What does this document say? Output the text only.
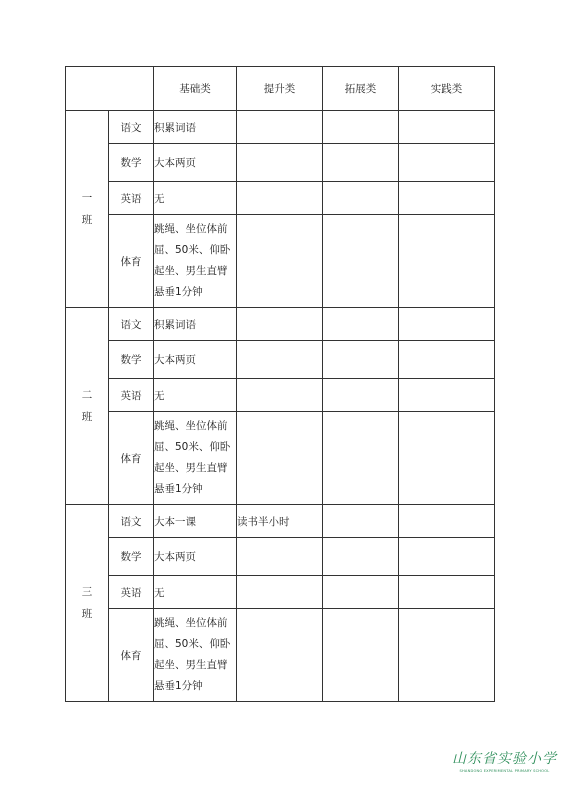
		基础类	提升类	拓展类	实践类

一
班	语文	积累词语			
	数学	大本两页			
	英语	无			
	体育	跳绳、坐位体前屈、50米、仰卧起坐、男生直臂悬垂1分钟			

二
班	语文	积累词语			
	数学	大本两页			
	英语	无			
	体育	跳绳、坐位体前屈、50米、仰卧起坐、男生直臂悬垂1分钟			

三
班	语文	大本一课	读书半小时		
	数学	大本两页			
	英语	无			
	体育	跳绳、坐位体前屈、50米、仰卧起坐、男生直臂悬垂1分钟			
山东省实验小学
SHANDONG EXPERIMENTAL PRIMARY SCHOOL
